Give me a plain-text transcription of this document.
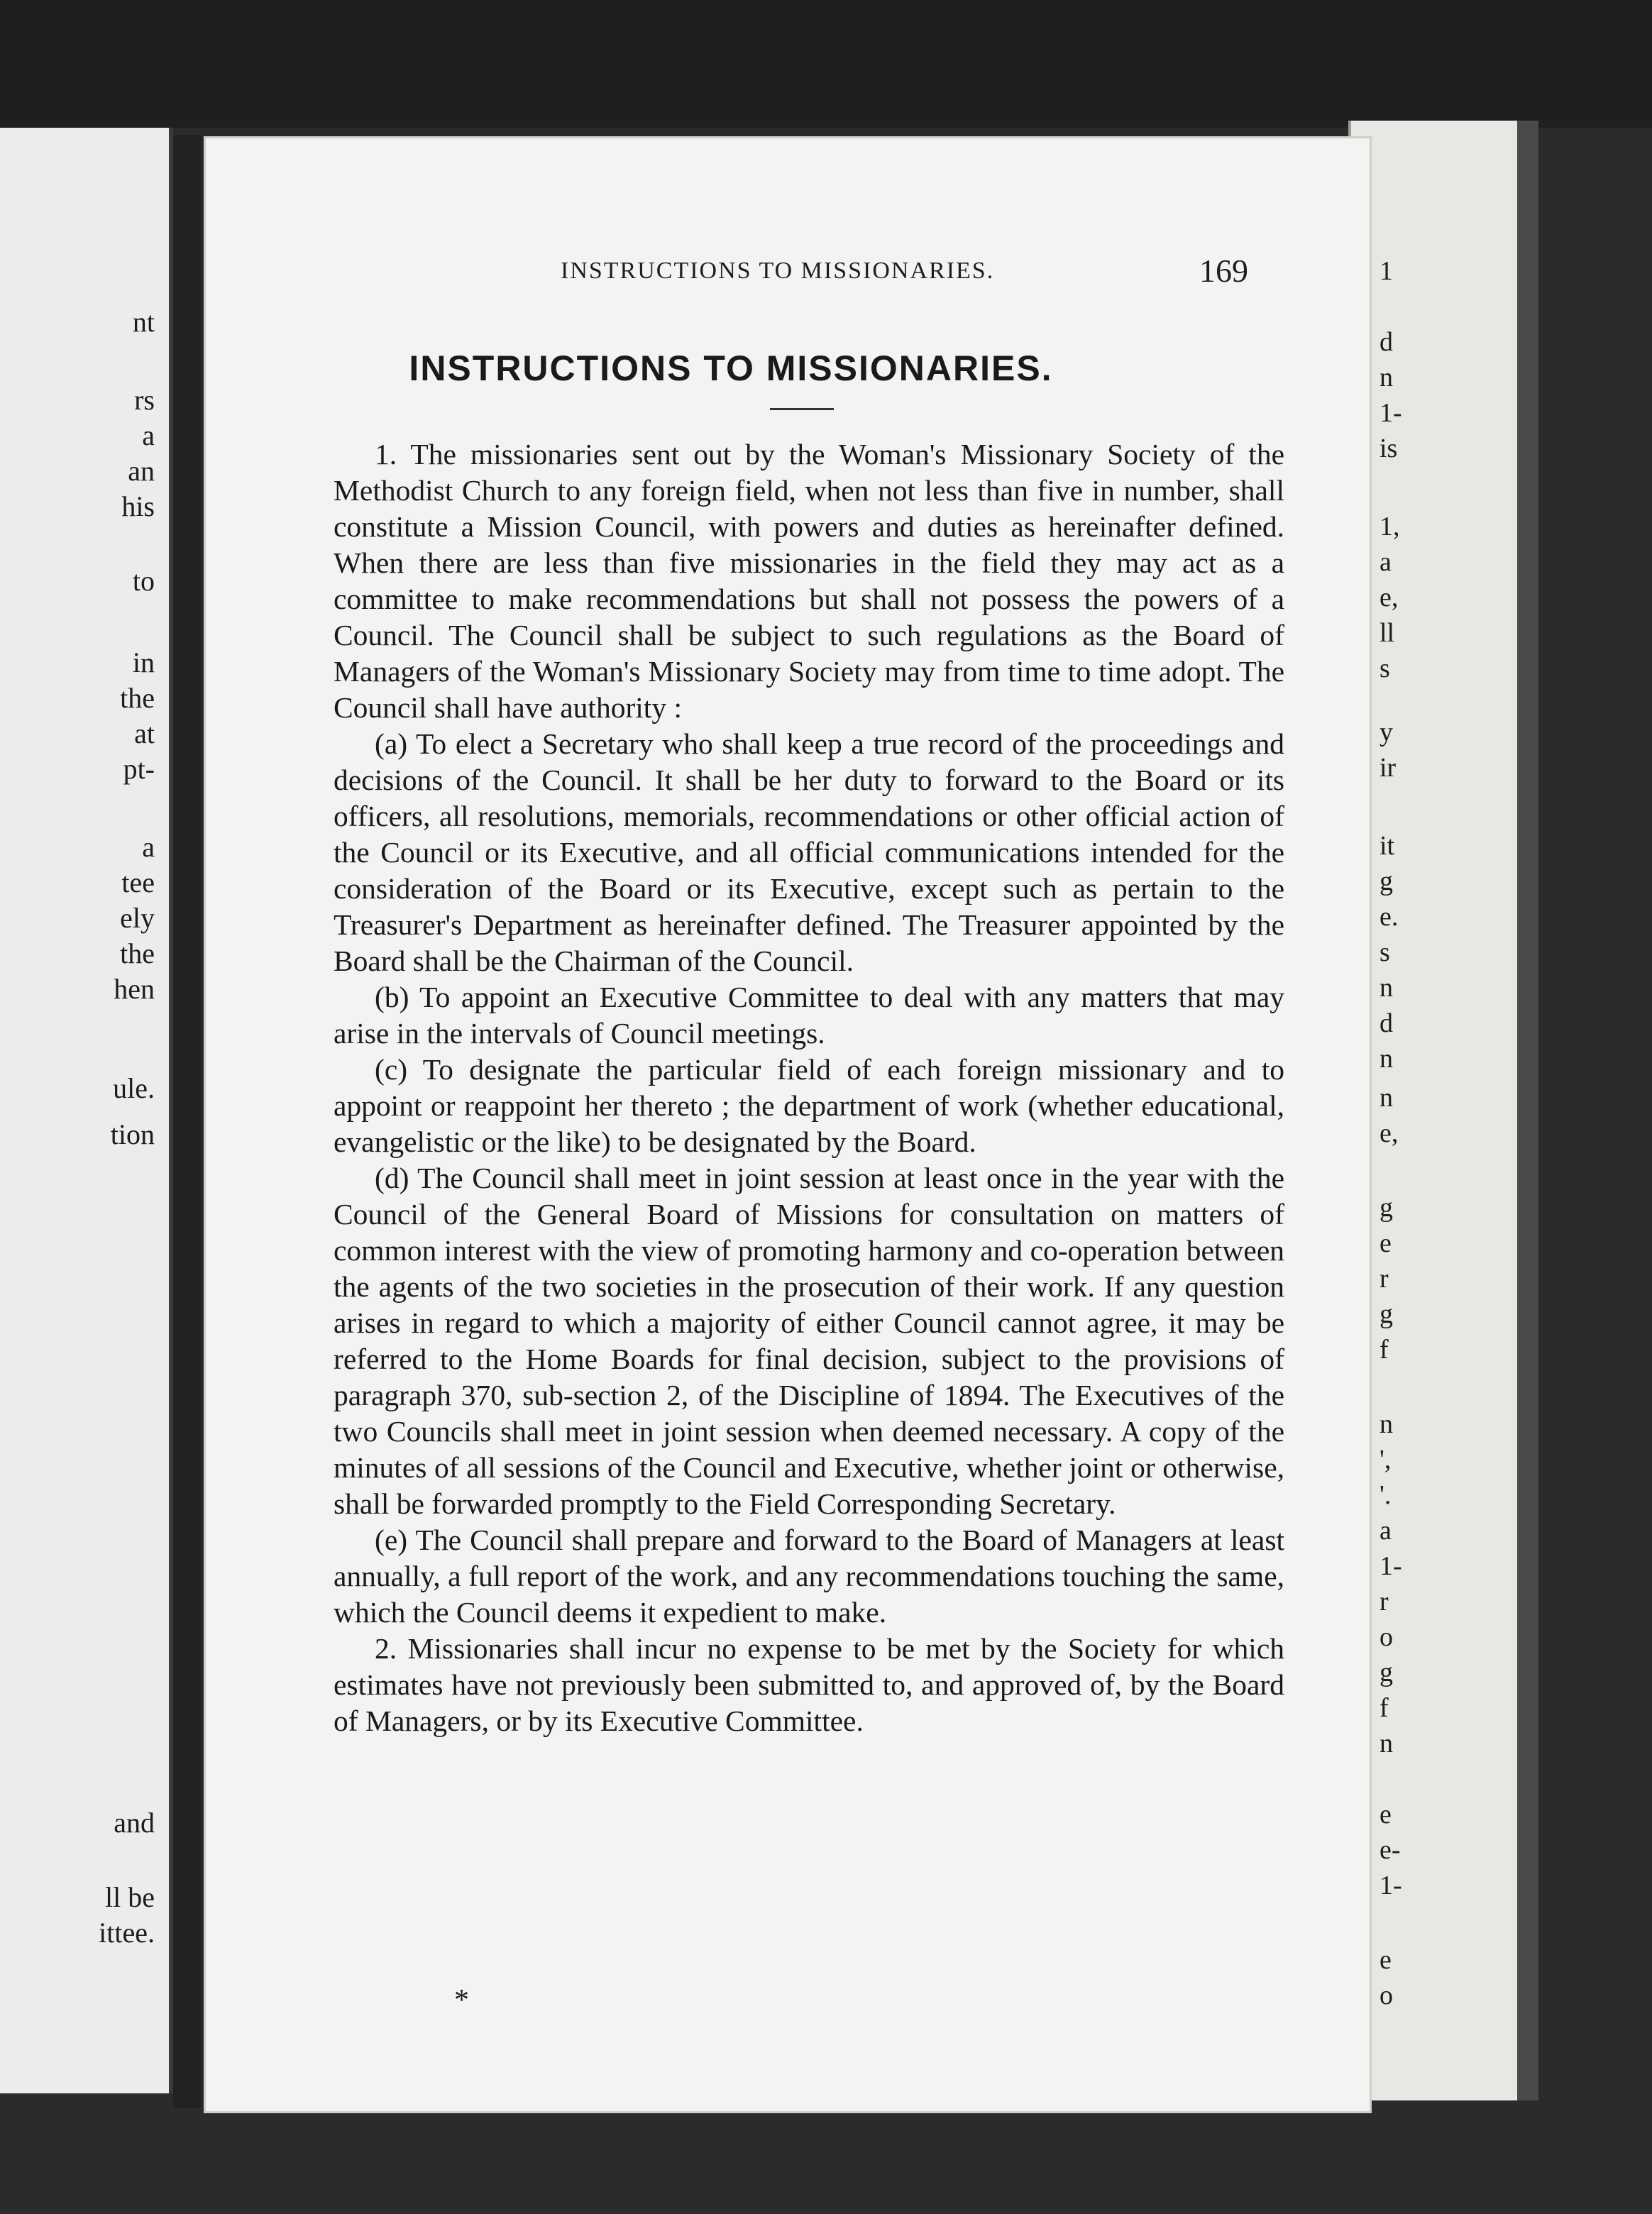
nt
rs
a
an
his
to
in
the
at
pt-
a
tee
ely
the
hen
ule.
tion
and
ll be
ittee.
1
d
n
1-
is
1,
a
e,
ll
s
y
ir
it
g
e.
s
n
d
n
n
e,
g
e
r
g
f
n
',
'.
a
1-
r
o
g
f
n
e
e-
1-
e
o
INSTRUCTIONS TO MISSIONARIES.	169
INSTRUCTIONS TO MISSIONARIES.

1. The missionaries sent out by the Woman's Missionary Society of the Methodist Church to any foreign field, when not less than five in number, shall constitute a Mission Council, with powers and duties as hereinafter defined. When there are less than five missionaries in the field they may act as a committee to make recommendations but shall not possess the powers of a Council. The Council shall be subject to such regulations as the Board of Managers of the Woman's Missionary Society may from time to time adopt. The Council shall have authority :

(a) To elect a Secretary who shall keep a true record of the proceedings and decisions of the Council. It shall be her duty to forward to the Board or its officers, all resolutions, memorials, recommendations or other official action of the Council or its Executive, and all official communications intended for the consideration of the Board or its Executive, except such as pertain to the Treasurer's Department as hereinafter defined. The Treasurer appointed by the Board shall be the Chairman of the Council.

(b) To appoint an Executive Committee to deal with any matters that may arise in the intervals of Council meetings.

(c) To designate the particular field of each foreign missionary and to appoint or reappoint her thereto ; the department of work (whether educational, evangelistic or the like) to be designated by the Board.

(d) The Council shall meet in joint session at least once in the year with the Council of the General Board of Missions for consultation on matters of common interest with the view of promoting harmony and co-operation between the agents of the two societies in the prosecution of their work. If any question arises in regard to which a majority of either Council cannot agree, it may be referred to the Home Boards for final decision, subject to the provisions of paragraph 370, sub-section 2, of the Discipline of 1894. The Executives of the two Councils shall meet in joint session when deemed necessary. A copy of the minutes of all sessions of the Council and Executive, whether joint or otherwise, shall be forwarded promptly to the Field Corresponding Secretary.

(e) The Council shall prepare and forward to the Board of Managers at least annually, a full report of the work, and any recommendations touching the same, which the Council deems it expedient to make.

2. Missionaries shall incur no expense to be met by the Society for which estimates have not previously been submitted to, and approved of, by the Board of Managers, or by its Executive Committee.

*
